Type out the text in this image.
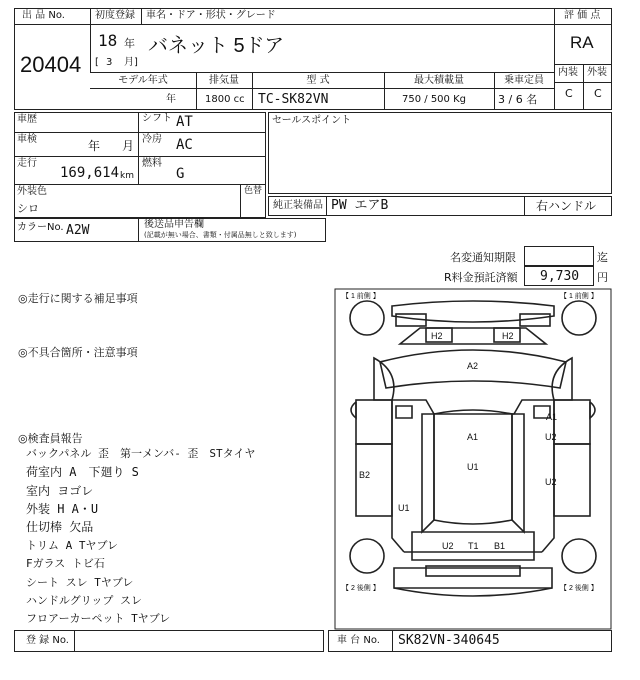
出 品 No.
20404
初度登録 車名・ドア・形状・グレード
18 年
[ 3 月]
バネット 5ドア
評 価 点
RA
内装 外装
C C
モデル年式	排気量	型 式	最大積載量	乗車定員
年	1800 cc TC-SK82VN	750 / 500 Kg	3 / 6 名
車歴	シフト AT
車検	年 月 冷房 AC
走行
169,614 km
燃料
G
外装色
シロ
色替
セールスポイント
純正装備品 PW エアB	右ハンドル
カラーNo. A2W	後送品申告欄
(記載が無い場合、書類・付属品無しと致します)
名変通知期限	迄
R料金預託済額 9,730 円
◎走行に関する補足事項
◎不具合箇所・注意事項
◎検査員報告
バックパネル 歪　第一メンバ- 歪　STタイヤ
荷室内 A　下廻り S
室内 ヨゴレ
外装 H A・U
仕切棒 欠品
トリム A Tヤブレ
Fガラス トビ石
シート スレ Tヤブレ
ハンドルグリップ スレ
フロアーカーペット Tヤブレ
【 1 前側 】	【 1 前側 】
【 2 後側 】	【 2 後側 】
H2	H2
A2
A1
U2
A1
U1
B2
U2
U1
U2 T1 B1
登 録 No.	車 台 No. SK82VN-340645
